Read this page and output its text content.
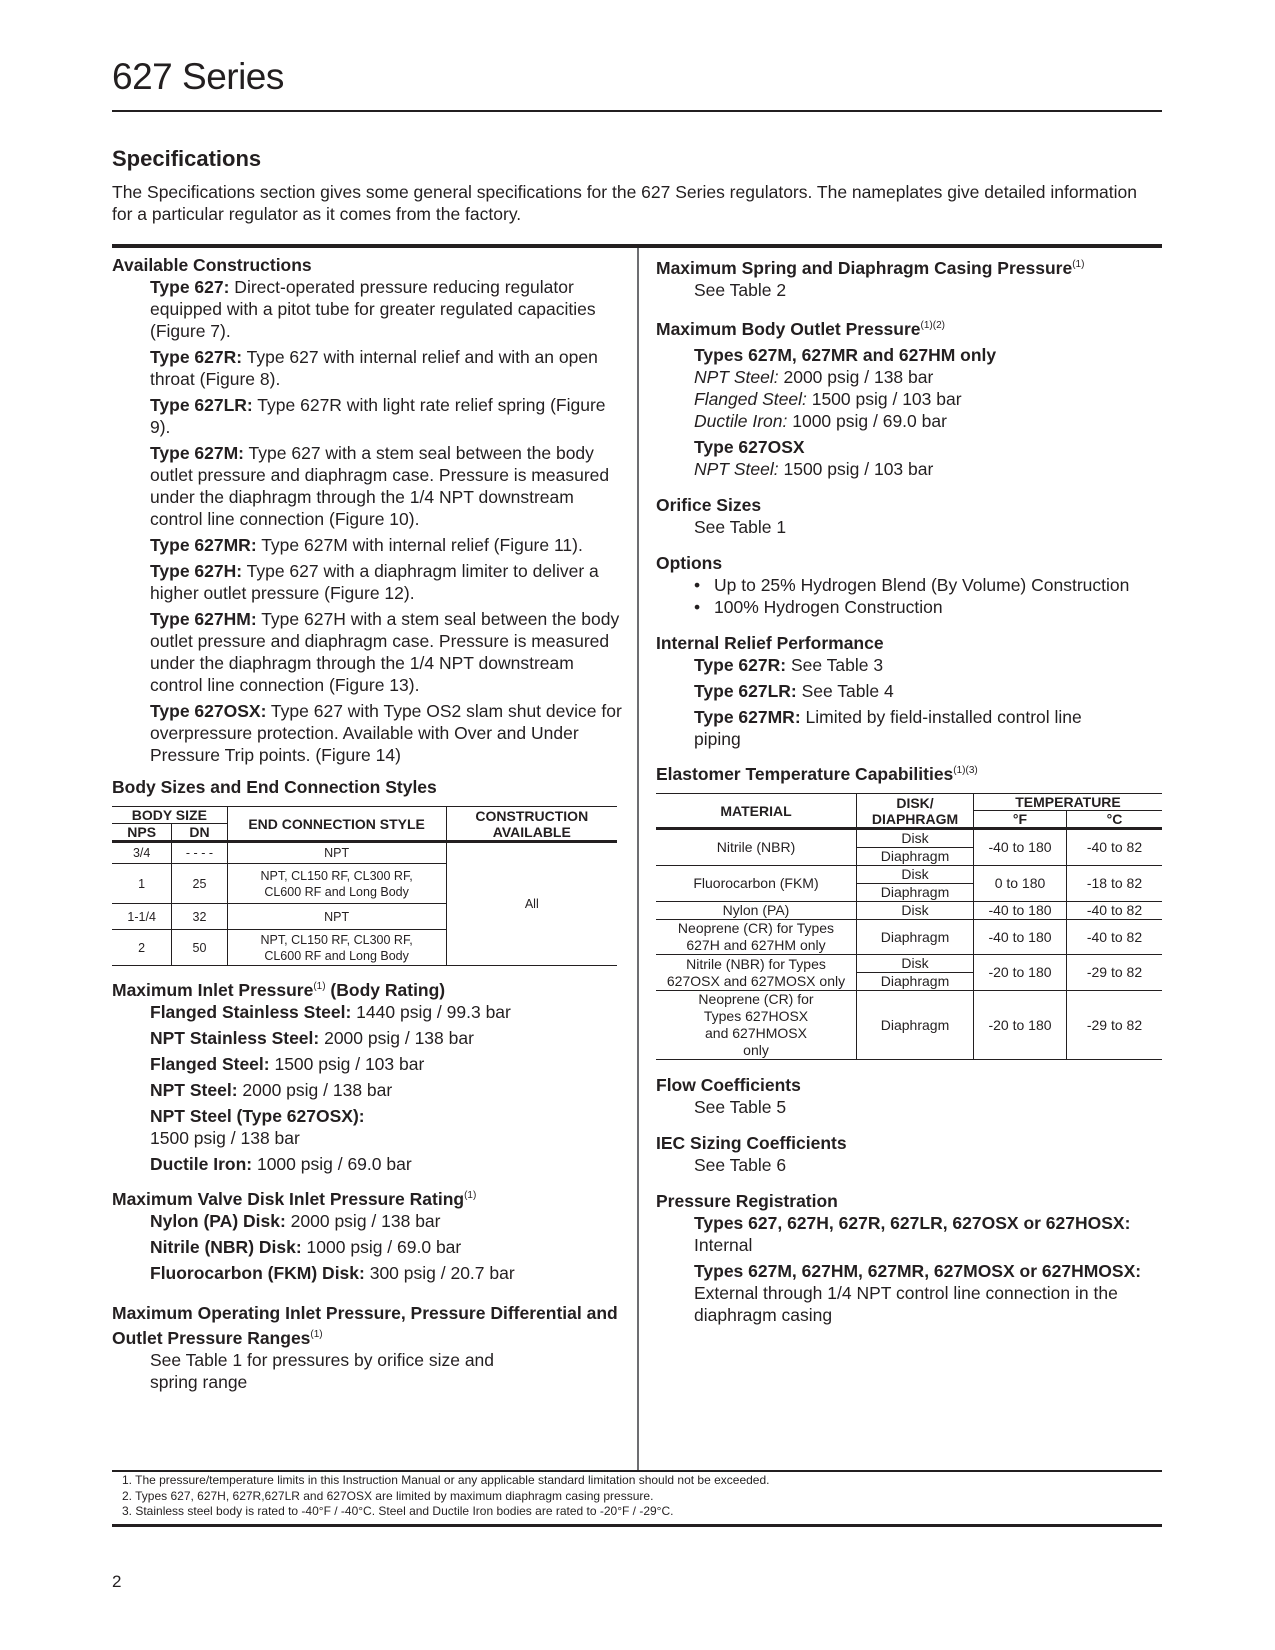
627 Series
Specifications

The Specifications section gives some general specifications for the 627 Series regulators. The nameplates give detailed information for a particular regulator as it comes from the factory.

Available Constructions

Type 627: Direct-operated pressure reducing regulator equipped with a pitot tube for greater regulated capacities (Figure 7).

Type 627R: Type 627 with internal relief and with an open throat (Figure 8).

Type 627LR: Type 627R with light rate relief spring (Figure 9).

Type 627M: Type 627 with a stem seal between the body outlet pressure and diaphragm case. Pressure is measured under the diaphragm through the 1/4 NPT downstream control line connection (Figure 10).

Type 627MR: Type 627M with internal relief (Figure 11).

Type 627H: Type 627 with a diaphragm limiter to deliver a higher outlet pressure (Figure 12).

Type 627HM: Type 627H with a stem seal between the body outlet pressure and diaphragm case. Pressure is measured under the diaphragm through the 1/4 NPT downstream control line connection (Figure 13).

Type 627OSX: Type 627 with Type OS2 slam shut device for overpressure protection. Available with Over and Under Pressure Trip points. (Figure 14)

Body Sizes and End Connection Styles

BODY SIZE		END CONNECTION STYLE	CONSTRUCTION AVAILABLE
NPS	DN		
3/4	- - - -	NPT	All
1	25	NPT, CL150 RF, CL300 RF, CL600 RF and Long Body	
1-1/4	32	NPT	
2	50	NPT, CL150 RF, CL300 RF, CL600 RF and Long Body	

Maximum Inlet Pressure$^{(1)}$ (Body Rating)

Flanged Stainless Steel: 1440 psig / 99.3 bar

NPT Stainless Steel: 2000 psig / 138 bar

Flanged Steel: 1500 psig / 103 bar

NPT Steel: 2000 psig / 138 bar

NPT Steel (Type 627OSX):
1500 psig / 138 bar

Ductile Iron: 1000 psig / 69.0 bar

Maximum Valve Disk Inlet Pressure Rating$^{(1)}$

Nylon (PA) Disk: 2000 psig / 138 bar

Nitrile (NBR) Disk: 1000 psig / 69.0 bar

Fluorocarbon (FKM) Disk: 300 psig / 20.7 bar

Maximum Operating Inlet Pressure, Pressure Differential and Outlet Pressure Ranges$^{(1)}$

See Table 1 for pressures by orifice size and spring range

Maximum Spring and Diaphragm Casing Pressure$^{(1)}$

See Table 2

Maximum Body Outlet Pressure$^{(1)(2)}$

Types 627M, 627MR and 627HM only
NPT Steel: 2000 psig / 138 bar
Flanged Steel: 1500 psig / 103 bar
Ductile Iron: 1000 psig / 69.0 bar
Type 627OSX
NPT Steel: 1500 psig / 103 bar

Orifice Sizes

See Table 1

Options

• Up to 25% Hydrogen Blend (By Volume) Construction
• 100% Hydrogen Construction

Internal Relief Performance

Type 627R: See Table 3

Type 627LR: See Table 4

Type 627MR: Limited by field-installed control line piping

Elastomer Temperature Capabilities$^{(1)(3)}$

MATERIAL	DISK/ DIAPHRAGM	TEMPERATURE	
		°F	°C
Nitrile (NBR)	Disk	-40 to 180	-40 to 82
	Diaphragm		
Fluorocarbon (FKM)	Disk	0 to 180	-18 to 82
	Diaphragm		
Nylon (PA)	Disk	-40 to 180	-40 to 82
Neoprene (CR) for Types 627H and 627HM only	Diaphragm	-40 to 180	-40 to 82
Nitrile (NBR) for Types 627OSX and 627MOSX only	Disk	-20 to 180	-29 to 82
	Diaphragm		
Neoprene (CR) for Types 627HOSX and 627HMOSX only	Diaphragm	-20 to 180	-29 to 82

Flow Coefficients

See Table 5

IEC Sizing Coefficients

See Table 6

Pressure Registration

Types 627, 627H, 627R, 627LR, 627OSX or 627HOSX:
Internal

Types 627M, 627HM, 627MR, 627MOSX or 627HMOSX: External through 1/4 NPT control line connection in the diaphragm casing

1. The pressure/temperature limits in this Instruction Manual or any applicable standard limitation should not be exceeded.
2. Types 627, 627H, 627R,627LR and 627OSX are limited by maximum diaphragm casing pressure.
3. Stainless steel body is rated to -40°F / -40°C. Steel and Ductile Iron bodies are rated to -20°F / -29°C.
2
